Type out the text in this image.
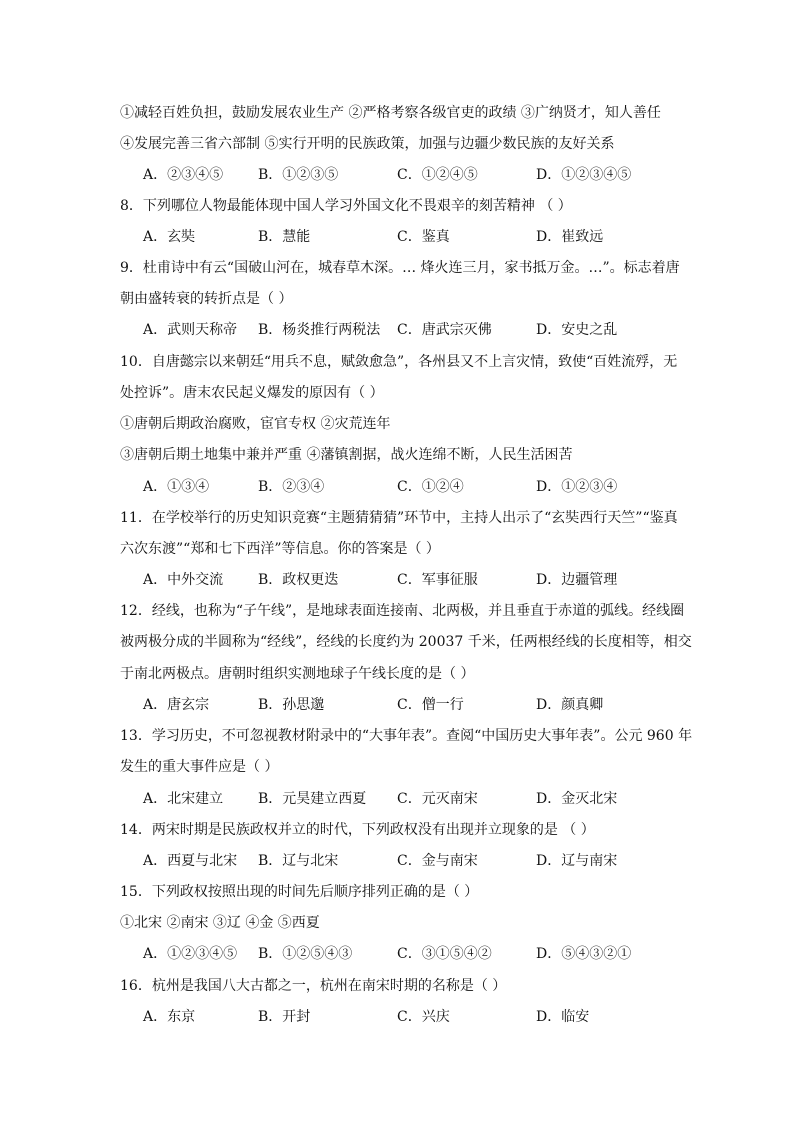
①减轻百姓负担，鼓励发展农业生产 ②严格考察各级官吏的政绩 ③广纳贤才，知人善任
④发展完善三省六部制 ⑤实行开明的民族政策，加强与边疆少数民族的友好关系
A．②③④⑤ B．①②③⑤	C．①②④⑤	D．①②③④⑤
8．下列哪位人物最能体现中国人学习外国文化不畏艰辛的刻苦精神 （ ）
A．玄奘	B．慧能	C．鉴真	D．崔致远
9．杜甫诗中有云“国破山河在，城春草木深。… 烽火连三月，家书抵万金。…”。标志着唐
朝由盛转衰的转折点是（ ）
A．武则天称帝 B．杨炎推行两税法 C．唐武宗灭佛	D．安史之乱
10．自唐懿宗以来朝廷“用兵不息，赋敛愈急”，各州县又不上言灾情，致使“百姓流殍，无
处控诉”。唐末农民起义爆发的原因有（ ）
①唐朝后期政治腐败，宦官专权 ②灾荒连年
③唐朝后期土地集中兼并严重 ④藩镇割据，战火连绵不断，人民生活困苦
A．①③④	B．②③④	C．①②④	D．①②③④
11．在学校举行的历史知识竞赛“主题猜猜猜”环节中，主持人出示了“玄奘西行天竺”“鉴真
六次东渡”“郑和七下西洋”等信息。你的答案是（ ）
A．中外交流 B．政权更迭	C．军事征服	D．边疆管理
12．经线，也称为“子午线”，是地球表面连接南、北两极，并且垂直于赤道的弧线。经线圈
被两极分成的半圆称为“经线”，经线的长度约为 20037 千米，任两根经线的长度相等，相交
于南北两极点。唐朝时组织实测地球子午线长度的是（ ）
A．唐玄宗	B．孙思邈	C．僧一行	D．颜真卿
13．学习历史，不可忽视教材附录中的“大事年表”。查阅“中国历史大事年表”。公元 960 年
发生的重大事件应是（ ）
A．北宋建立 B．元昊建立西夏 C．元灭南宋	D．金灭北宋
14．两宋时期是民族政权并立的时代，下列政权没有出现并立现象的是 （ ）
A．西夏与北宋 B．辽与北宋	C．金与南宋	D．辽与南宋
15．下列政权按照出现的时间先后顺序排列正确的是（ ）
①北宋 ②南宋 ③辽 ④金 ⑤西夏
A．①②③④⑤ B．①②⑤④③	C．③①⑤④②	D．⑤④③②①
16．杭州是我国八大古都之一，杭州在南宋时期的名称是（ ）
A．东京	B．开封	C．兴庆	D．临安
